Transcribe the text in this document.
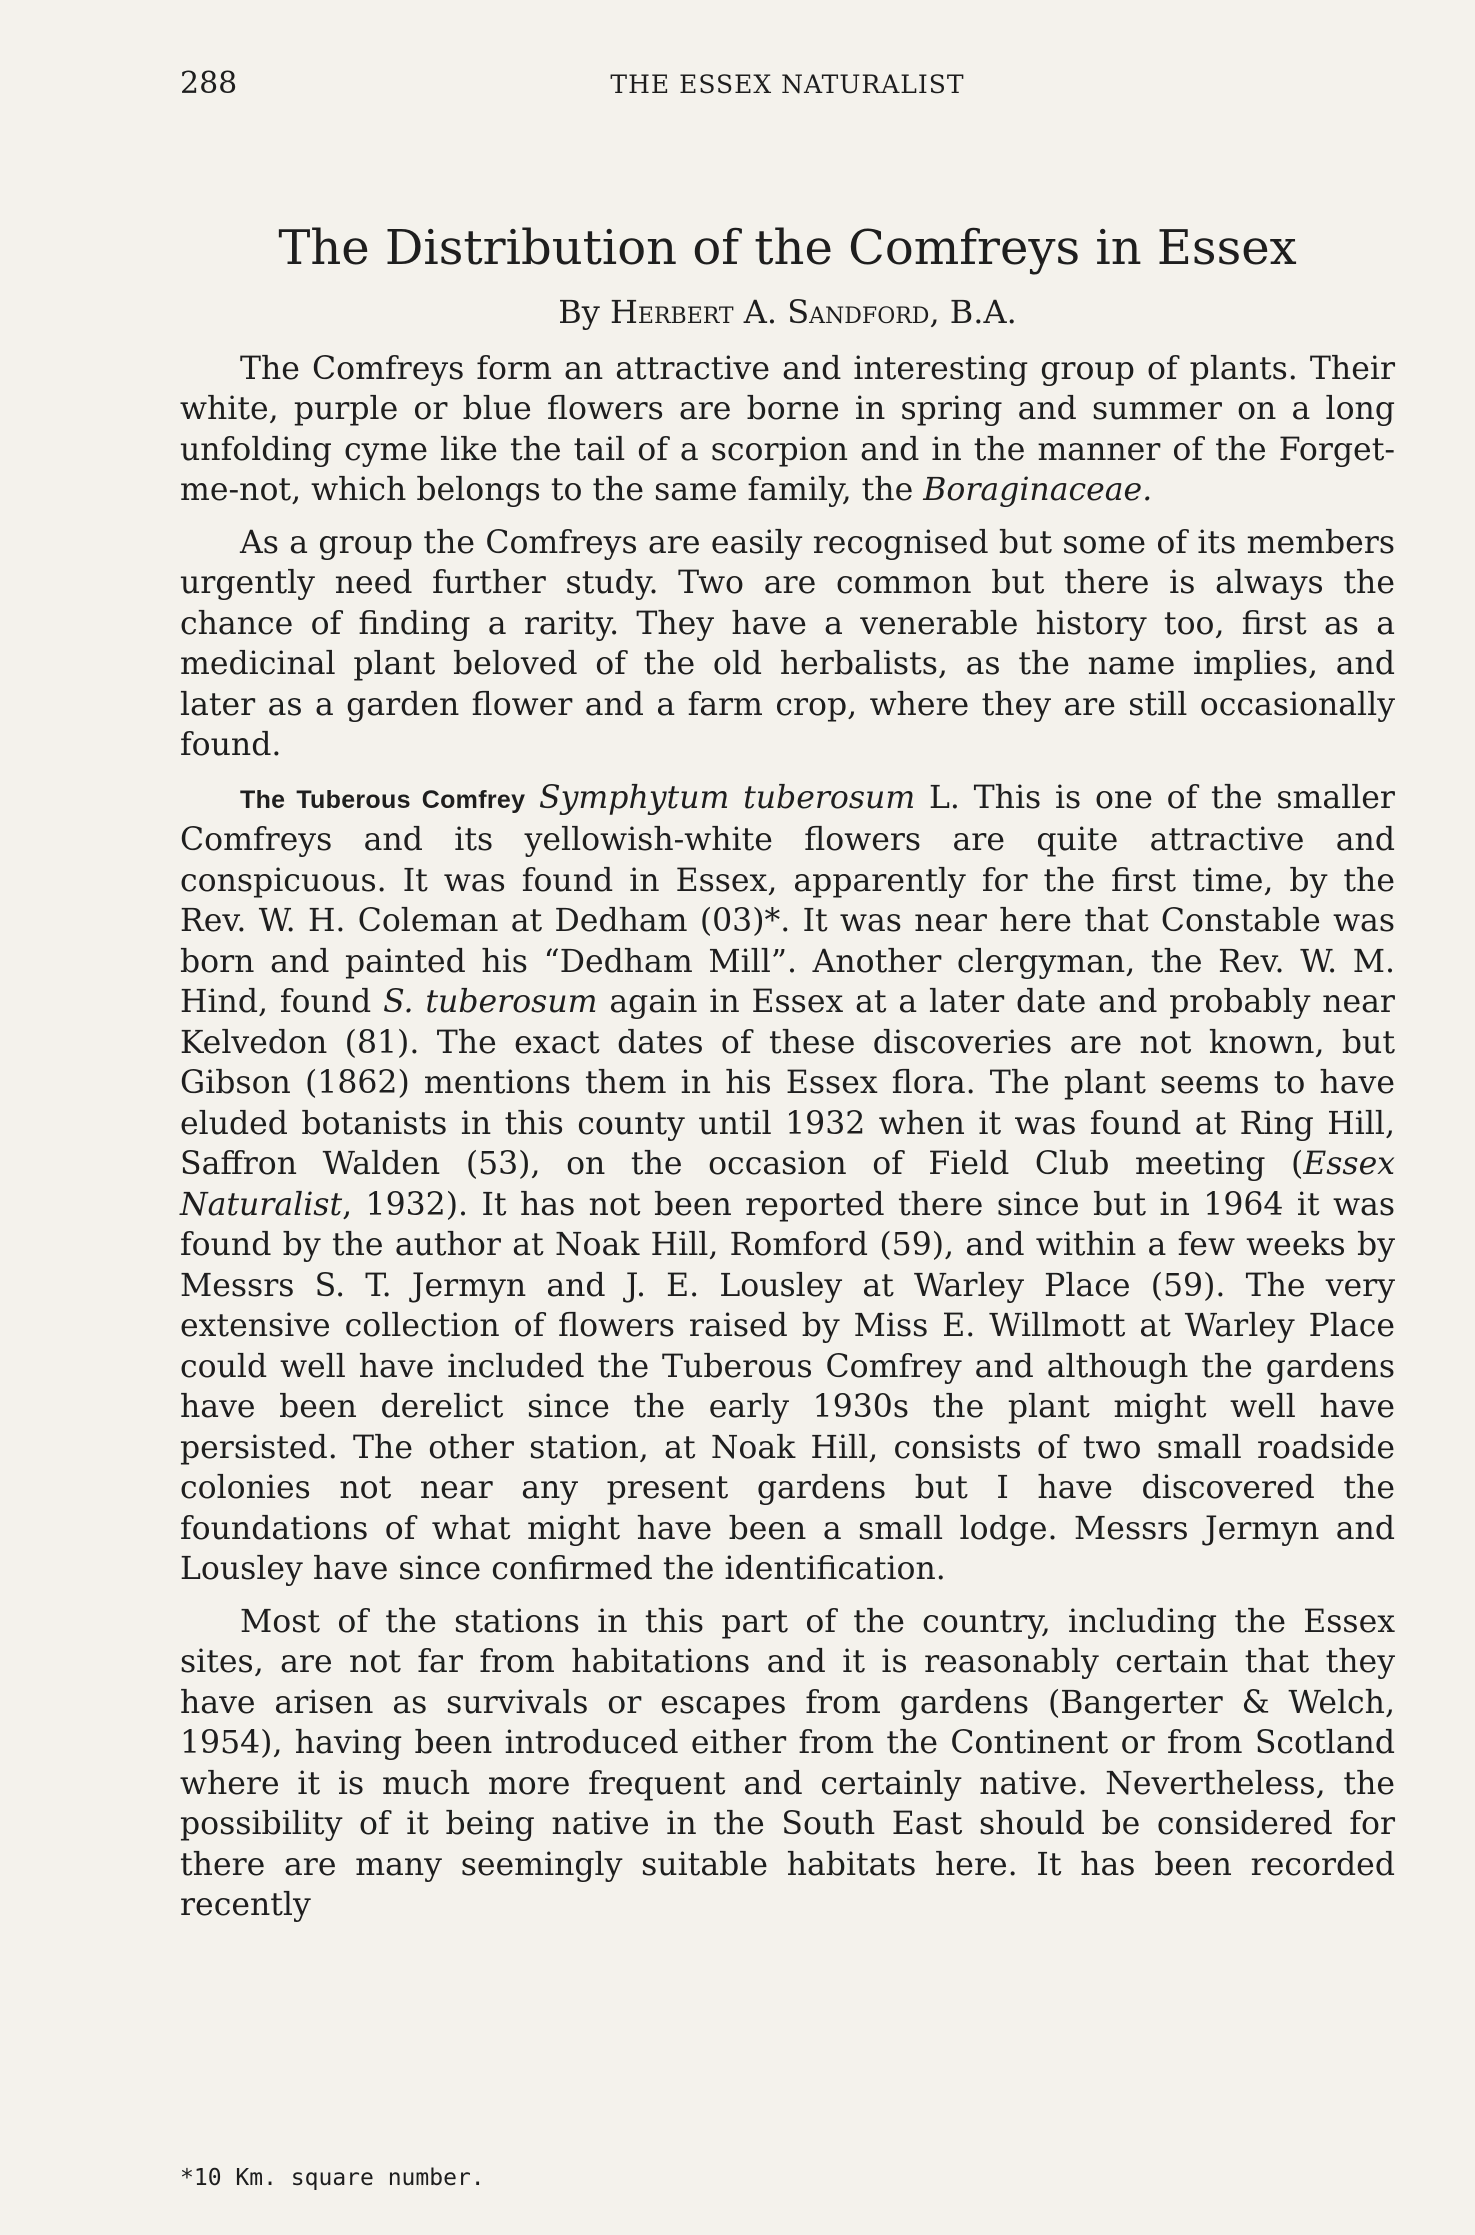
288	THE ESSEX NATURALIST
The Distribution of the Comfreys in Essex
By Herbert A. Sandford, B.A.

The Comfreys form an attractive and interesting group of plants. Their white, purple or blue flowers are borne in spring and summer on a long unfolding cyme like the tail of a scorpion and in the manner of the Forget-me-not, which belongs to the same family, the Boraginaceae.

As a group the Comfreys are easily recognised but some of its members urgently need further study. Two are common but there is always the chance of finding a rarity. They have a venerable history too, first as a medicinal plant beloved of the old herbalists, as the name implies, and later as a garden flower and a farm crop, where they are still occasionally found.

The Tuberous Comfrey Symphytum tuberosum L. This is one of the smaller Comfreys and its yellowish-white flowers are quite attractive and conspicuous. It was found in Essex, apparently for the first time, by the Rev. W. H. Coleman at Dedham (03)*. It was near here that Constable was born and painted his “Dedham Mill”. Another clergyman, the Rev. W. M. Hind, found S. tuberosum again in Essex at a later date and probably near Kelvedon (81). The exact dates of these discoveries are not known, but Gibson (1862) mentions them in his Essex flora. The plant seems to have eluded botanists in this county until 1932 when it was found at Ring Hill, Saffron Walden (53), on the occasion of Field Club meeting (Essex Naturalist, 1932). It has not been reported there since but in 1964 it was found by the author at Noak Hill, Romford (59), and within a few weeks by Messrs S. T. Jermyn and J. E. Lousley at Warley Place (59). The very extensive collection of flowers raised by Miss E. Willmott at Warley Place could well have included the Tuberous Comfrey and although the gardens have been derelict since the early 1930s the plant might well have persisted. The other station, at Noak Hill, consists of two small roadside colonies not near any present gardens but I have discovered the foundations of what might have been a small lodge. Messrs Jermyn and Lousley have since confirmed the identification.

Most of the stations in this part of the country, including the Essex sites, are not far from habitations and it is reasonably certain that they have arisen as survivals or escapes from gardens (Bangerter & Welch, 1954), having been introduced either from the Continent or from Scotland where it is much more frequent and certainly native. Nevertheless, the possibility of it being native in the South East should be considered for there are many seemingly suitable habitats here. It has been recorded recently

*10 Km. square number.
